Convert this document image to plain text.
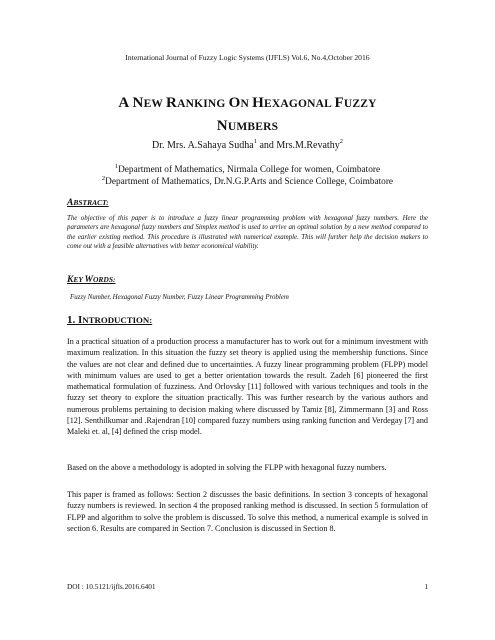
International Journal of Fuzzy Logic Systems (IJFLS) Vol.6, No.4,October 2016
A NEW RANKING ON HEXAGONAL FUZZY
NUMBERS
Dr. Mrs. A.Sahaya Sudha$^1$ and Mrs.M.Revathy$^2$
$^1$Department of Mathematics, Nirmala College for women, Coimbatore
$^2$Department of Mathematics, Dr.N.G.P.Arts and Science College, Coimbatore
ABSTRACT:
The objective of this paper is to introduce a fuzzy linear programming problem with hexagonal fuzzy numbers. Here the parameters are hexagonal fuzzy numbers and Simplex method is used to arrive an optimal solution by a new method compared to the earlier existing method. This procedure is illustrated with numerical example. This will further help the decision makers to come out with a feasible alternatives with better economical viability.
KEY WORDS:
Fuzzy Number, Hexagonal Fuzzy Number, Fuzzy Linear Programming Problem
1. INTRODUCTION:
In a practical situation of a production process a manufacturer has to work out for a minimum investment with maximum realization. In this situation the fuzzy set theory is applied using the membership functions. Since the values are not clear and defined due to uncertainties. A fuzzy linear programming problem (FLPP) model with minimum values are used to get a better orientation towards the result. Zadeh [6] pioneered the first mathematical formulation of fuzziness. And Orlovsky [11] followed with various techniques and tools in the fuzzy set theory to explore the situation practically. This was further research by the various authors and numerous problems pertaining to decision making where discussed by Tamiz [8], Zimmermann [3] and Ross [12]. Senthilkumar and .Rajendran [10] compared fuzzy numbers using ranking function and Verdegay [7] and Maleki et. al, [4] defined the crisp model.
Based on the above a methodology is adopted in solving the FLPP with hexagonal fuzzy numbers.
This paper is framed as follows: Section 2 discusses the basic definitions. In section 3 concepts of hexagonal fuzzy numbers is reviewed. In section 4 the proposed ranking method is discussed. In section 5 formulation of FLPP and algorithm to solve the problem is discussed. To solve this method, a numerical example is solved in section 6. Results are compared in Section 7. Conclusion is discussed in Section 8.
DOI : 10.5121/ijfls.2016.6401	1
